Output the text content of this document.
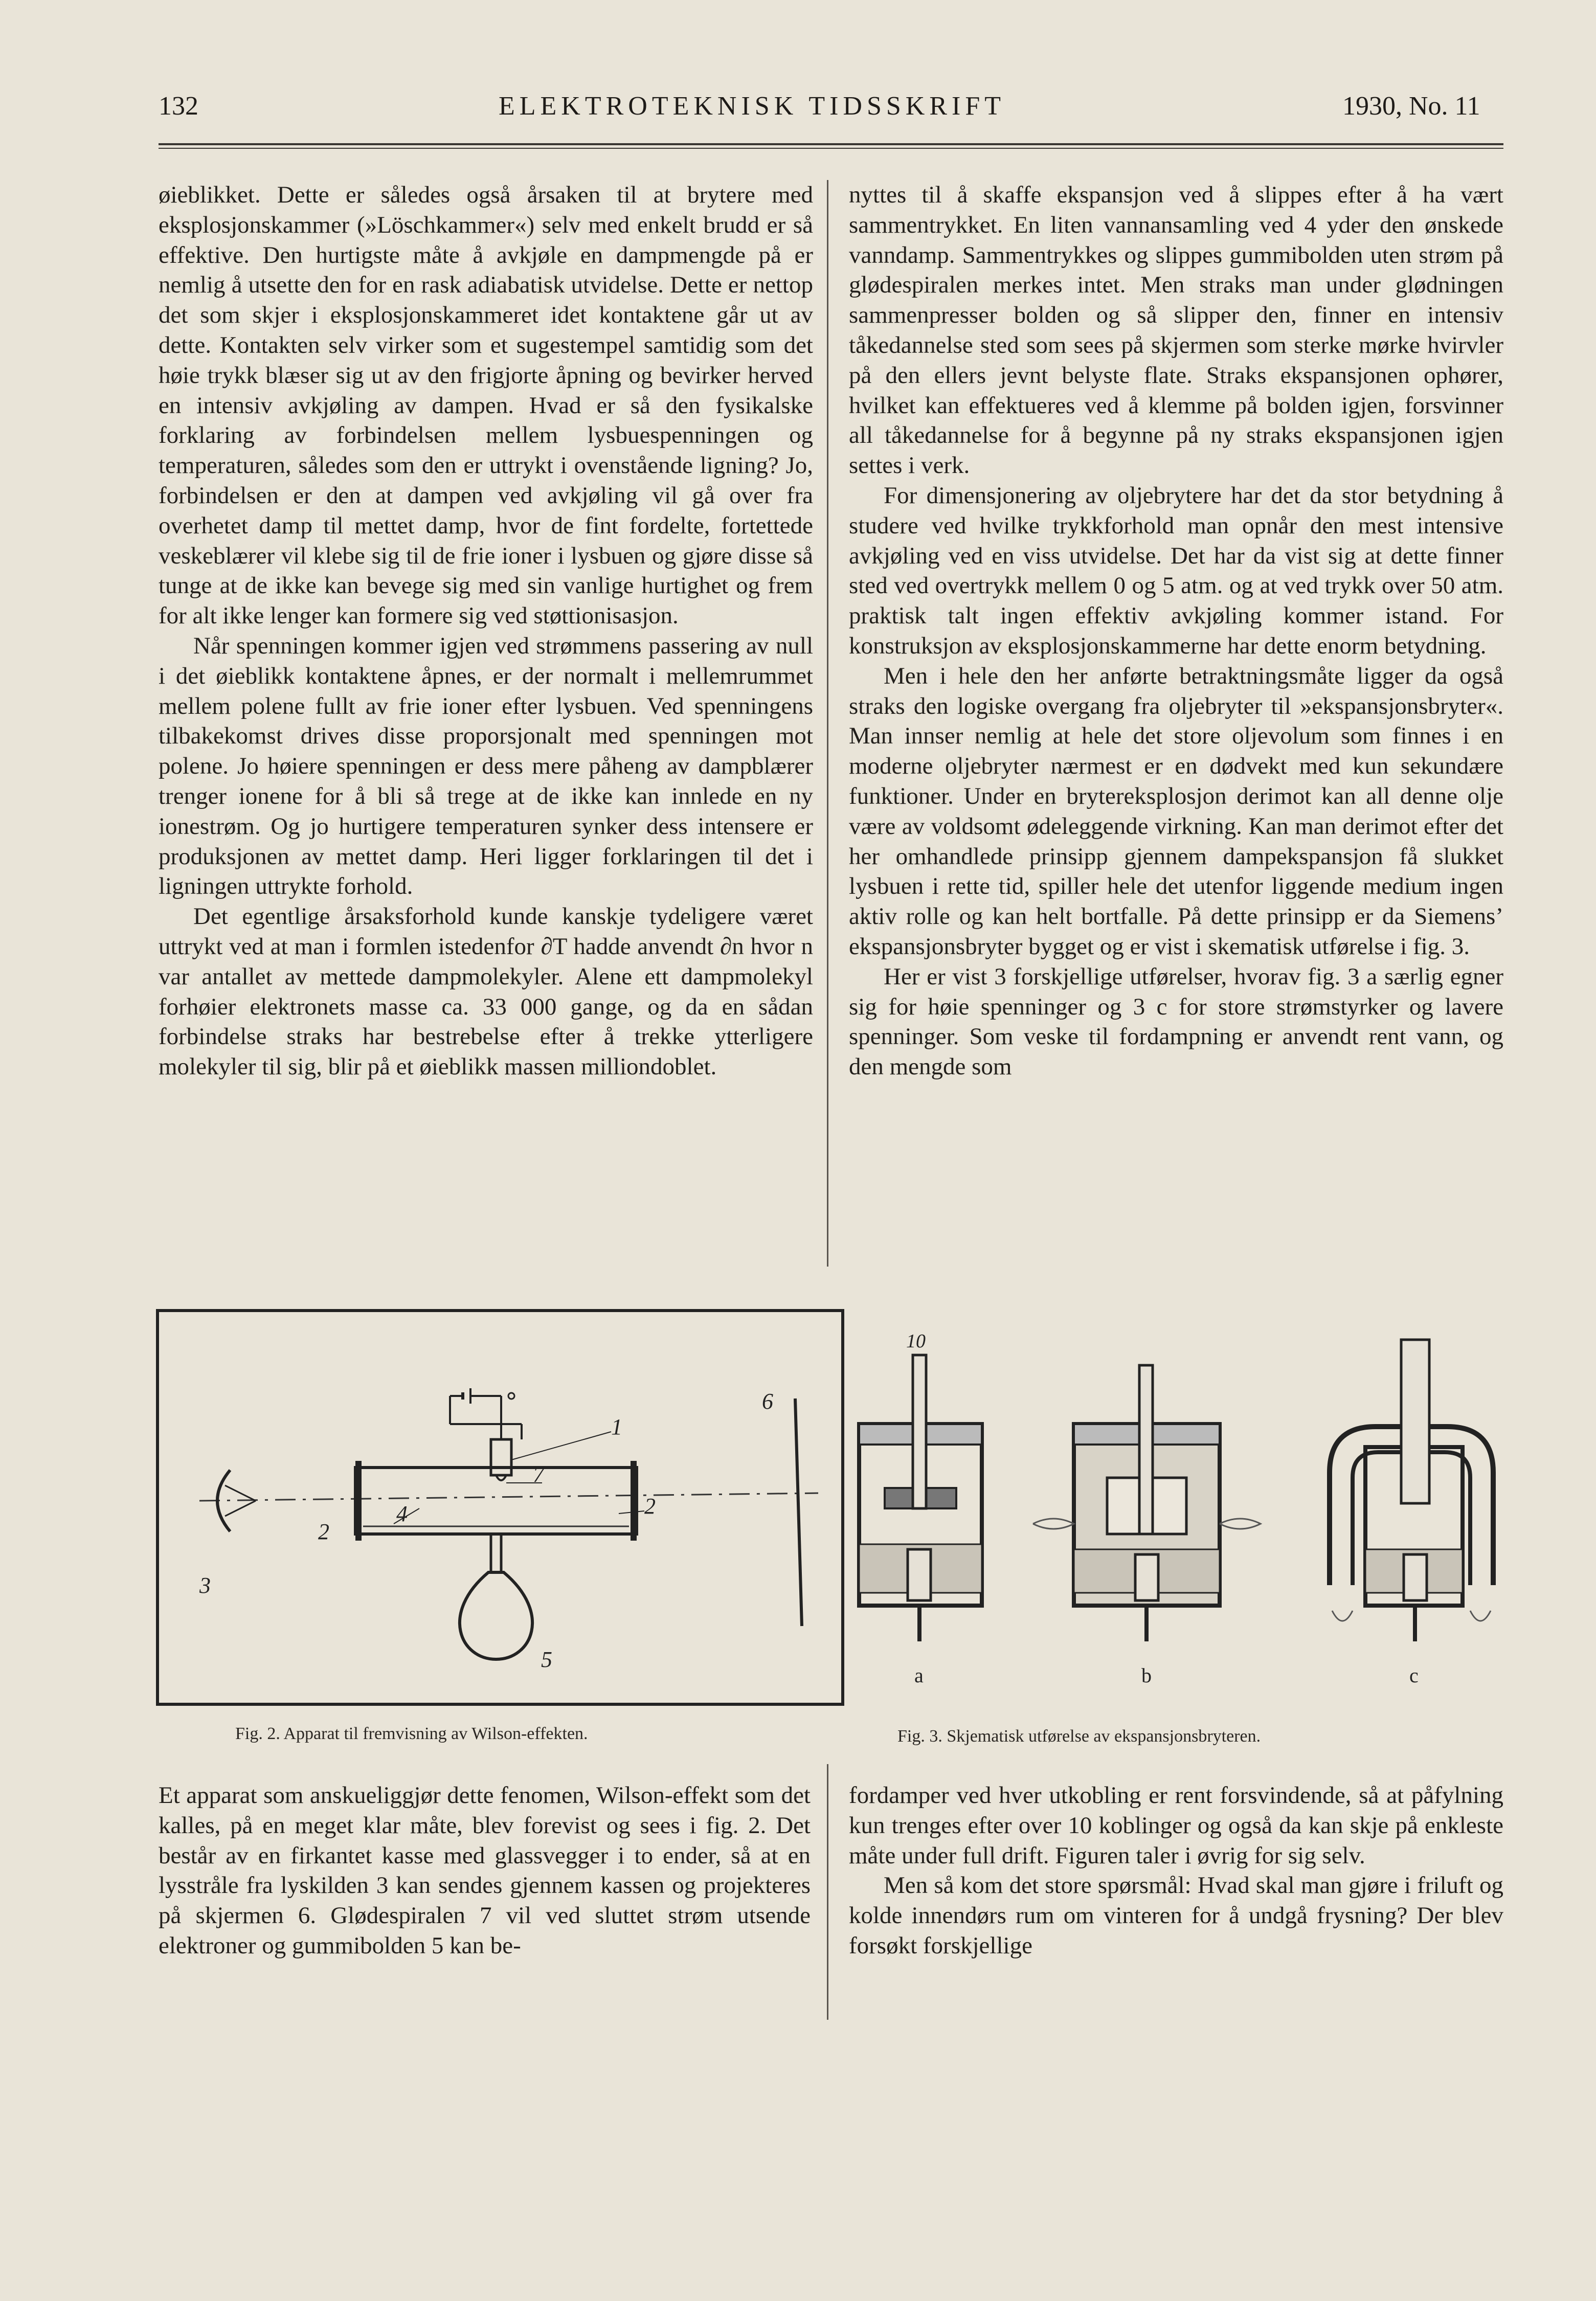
132	ELEKTROTEKNISK TIDSSKRIFT	1930, No. 11

øieblikket. Dette er således også årsaken til at brytere med eksplosjonskammer (»Löschkammer«) selv med enkelt brudd er så effektive. Den hurtigste måte å avkjøle en dampmengde på er nemlig å utsette den for en rask adiabatisk utvidelse. Dette er nettop det som skjer i eksplosjonskammeret idet kontaktene går ut av dette. Kontakten selv virker som et sugestempel samtidig som det høie trykk blæser sig ut av den frigjorte åpning og bevirker herved en intensiv avkjøling av dampen. Hvad er så den fysikalske forklaring av forbindelsen mellem lysbuespenningen og temperaturen, således som den er uttrykt i ovenstående ligning? Jo, forbindelsen er den at dampen ved avkjøling vil gå over fra overhetet damp til mettet damp, hvor de fint fordelte, fortettede veskeblærer vil klebe sig til de frie ioner i lysbuen og gjøre disse så tunge at de ikke kan bevege sig med sin vanlige hurtighet og frem for alt ikke lenger kan formere sig ved støttionisasjon.

Når spenningen kommer igjen ved strømmens passering av null i det øieblikk kontaktene åpnes, er der normalt i mellemrummet mellem polene fullt av frie ioner efter lysbuen. Ved spenningens tilbakekomst drives disse proporsjonalt med spenningen mot polene. Jo høiere spenningen er dess mere påheng av dampblærer trenger ionene for å bli så trege at de ikke kan innlede en ny ionestrøm. Og jo hurtigere temperaturen synker dess intensere er produksjonen av mettet damp. Heri ligger forklaringen til det i ligningen uttrykte forhold.

Det egentlige årsaksforhold kunde kanskje tydeligere været uttrykt ved at man i formlen istedenfor ∂T hadde anvendt ∂n hvor n var antallet av mettede dampmolekyler. Alene ett dampmolekyl forhøier elektronets masse ca. 33 000 gange, og da en sådan forbindelse straks har bestrebelse efter å trekke ytterligere molekyler til sig, blir på et øieblikk massen milliondoblet.

nyttes til å skaffe ekspansjon ved å slippes efter å ha vært sammentrykket. En liten vannansamling ved 4 yder den ønskede vanndamp. Sammentrykkes og slippes gummibolden uten strøm på glødespiralen merkes intet. Men straks man under glødningen sammenpresser bolden og så slipper den, finner en intensiv tåkedannelse sted som sees på skjermen som sterke mørke hvirvler på den ellers jevnt belyste flate. Straks ekspansjonen ophører, hvilket kan effektueres ved å klemme på bolden igjen, forsvinner all tåkedannelse for å begynne på ny straks ekspansjonen igjen settes i verk.

For dimensjonering av oljebrytere har det da stor betydning å studere ved hvilke trykkforhold man opnår den mest intensive avkjøling ved en viss utvidelse. Det har da vist sig at dette finner sted ved overtrykk mellem 0 og 5 atm. og at ved trykk over 50 atm. praktisk talt ingen effektiv avkjøling kommer istand. For konstruksjon av eksplosjonskammerne har dette enorm betydning.

Men i hele den her anførte betraktningsmåte ligger da også straks den logiske overgang fra oljebryter til »ekspansjonsbryter«. Man innser nemlig at hele det store oljevolum som finnes i en moderne oljebryter nærmest er en dødvekt med kun sekundære funktioner. Under en brytereksplosjon derimot kan all denne olje være av voldsomt ødeleggende virkning. Kan man derimot efter det her omhandlede prinsipp gjennem dampekspansjon få slukket lysbuen i rette tid, spiller hele det utenfor liggende medium ingen aktiv rolle og kan helt bortfalle. På dette prinsipp er da Siemens’ ekspansjonsbryter bygget og er vist i skematisk utførelse i fig. 3.

Her er vist 3 forskjellige utførelser, hvorav fig. 3 a særlig egner sig for høie spenninger og 3 c for store strømstyrker og lavere spenninger. Som veske til fordampning er anvendt rent vann, og den mengde som

1
2
2
3
4
5
6
7
Fig. 2. Apparat til fremvisning av Wilson-effekten.
10
a	b	c
Fig. 3. Skjematisk utførelse av ekspansjonsbryteren.

Et apparat som anskueliggjør dette fenomen, Wilson-effekt som det kalles, på en meget klar måte, blev forevist og sees i fig. 2. Det består av en firkantet kasse med glassvegger i to ender, så at en lysstråle fra lyskilden 3 kan sendes gjennem kassen og projekteres på skjermen 6. Glødespiralen 7 vil ved sluttet strøm utsende elektroner og gummibolden 5 kan be-

fordamper ved hver utkobling er rent forsvindende, så at påfylning kun trenges efter over 10 koblinger og også da kan skje på enkleste måte under full drift. Figuren taler i øvrig for sig selv.

Men så kom det store spørsmål: Hvad skal man gjøre i friluft og kolde innendørs rum om vinteren for å undgå frysning? Der blev forsøkt forskjellige
